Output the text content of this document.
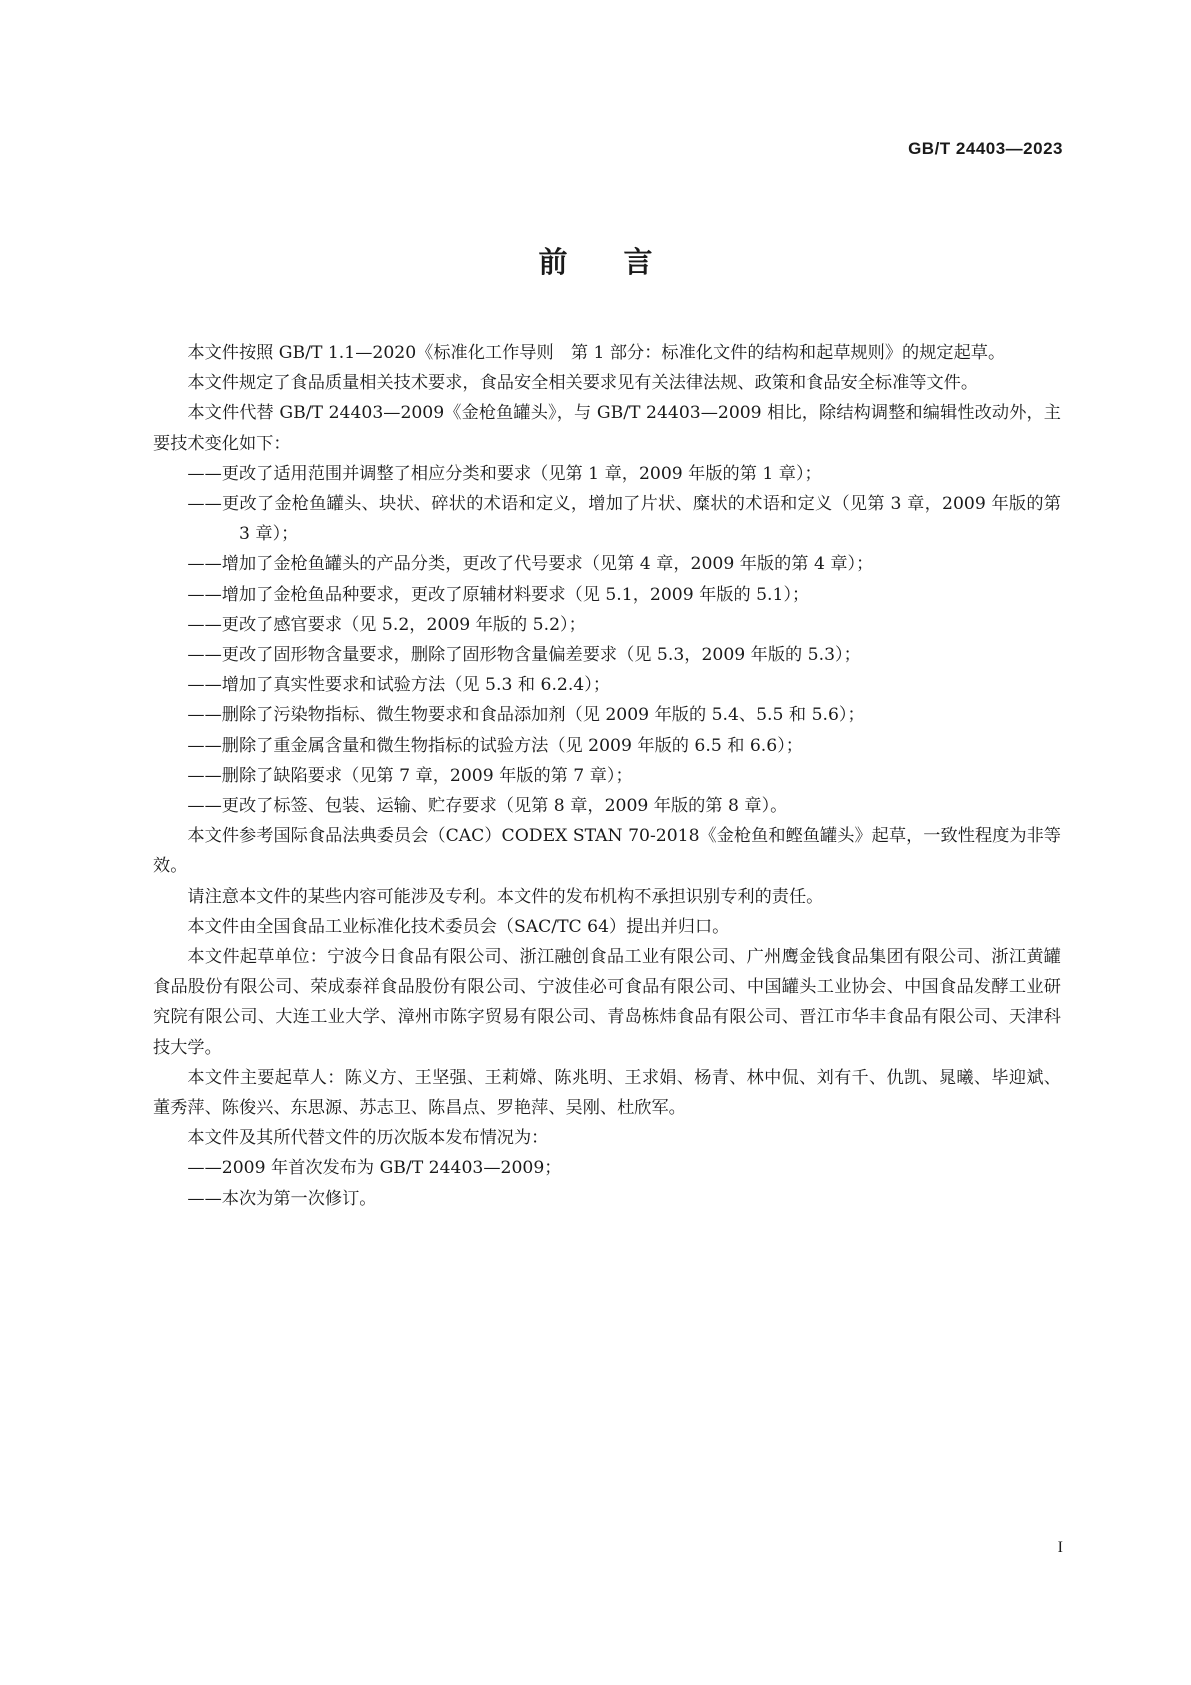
GB/T 24403—2023
前言

本文件按照 GB/T 1.1—2020《标准化工作导则　第 1 部分：标准化文件的结构和起草规则》的规定起草。

本文件规定了食品质量相关技术要求，食品安全相关要求见有关法律法规、政策和食品安全标准等文件。

本文件代替 GB/T 24403—2009《金枪鱼罐头》，与 GB/T 24403—2009 相比，除结构调整和编辑性改动外，主要技术变化如下：

——更改了适用范围并调整了相应分类和要求（见第 1 章，2009 年版的第 1 章）；
——更改了金枪鱼罐头、块状、碎状的术语和定义，增加了片状、糜状的术语和定义（见第 3 章，2009 年版的第 3 章）；
——增加了金枪鱼罐头的产品分类，更改了代号要求（见第 4 章，2009 年版的第 4 章）；
——增加了金枪鱼品种要求，更改了原辅材料要求（见 5.1，2009 年版的 5.1）；
——更改了感官要求（见 5.2，2009 年版的 5.2）；
——更改了固形物含量要求，删除了固形物含量偏差要求（见 5.3，2009 年版的 5.3）；
——增加了真实性要求和试验方法（见 5.3 和 6.2.4）；
——删除了污染物指标、微生物要求和食品添加剂（见 2009 年版的 5.4、5.5 和 5.6）；
——删除了重金属含量和微生物指标的试验方法（见 2009 年版的 6.5 和 6.6）；
——删除了缺陷要求（见第 7 章，2009 年版的第 7 章）；
——更改了标签、包装、运输、贮存要求（见第 8 章，2009 年版的第 8 章）。

本文件参考国际食品法典委员会（CAC）CODEX STAN 70-2018《金枪鱼和鲣鱼罐头》起草，一致性程度为非等效。

请注意本文件的某些内容可能涉及专利。本文件的发布机构不承担识别专利的责任。

本文件由全国食品工业标准化技术委员会（SAC/TC 64）提出并归口。

本文件起草单位：宁波今日食品有限公司、浙江融创食品工业有限公司、广州鹰金钱食品集团有限公司、浙江黄罐食品股份有限公司、荣成泰祥食品股份有限公司、宁波佳必可食品有限公司、中国罐头工业协会、中国食品发酵工业研究院有限公司、大连工业大学、漳州市陈字贸易有限公司、青岛栋炜食品有限公司、晋江市华丰食品有限公司、天津科技大学。

本文件主要起草人：陈义方、王坚强、王莉嫦、陈兆明、王求娟、杨青、林中侃、刘有千、仇凯、晁曦、毕迎斌、董秀萍、陈俊兴、东思源、苏志卫、陈昌点、罗艳萍、吴刚、杜欣军。

本文件及其所代替文件的历次版本发布情况为：

——2009 年首次发布为 GB/T 24403—2009；
——本次为第一次修订。
I
